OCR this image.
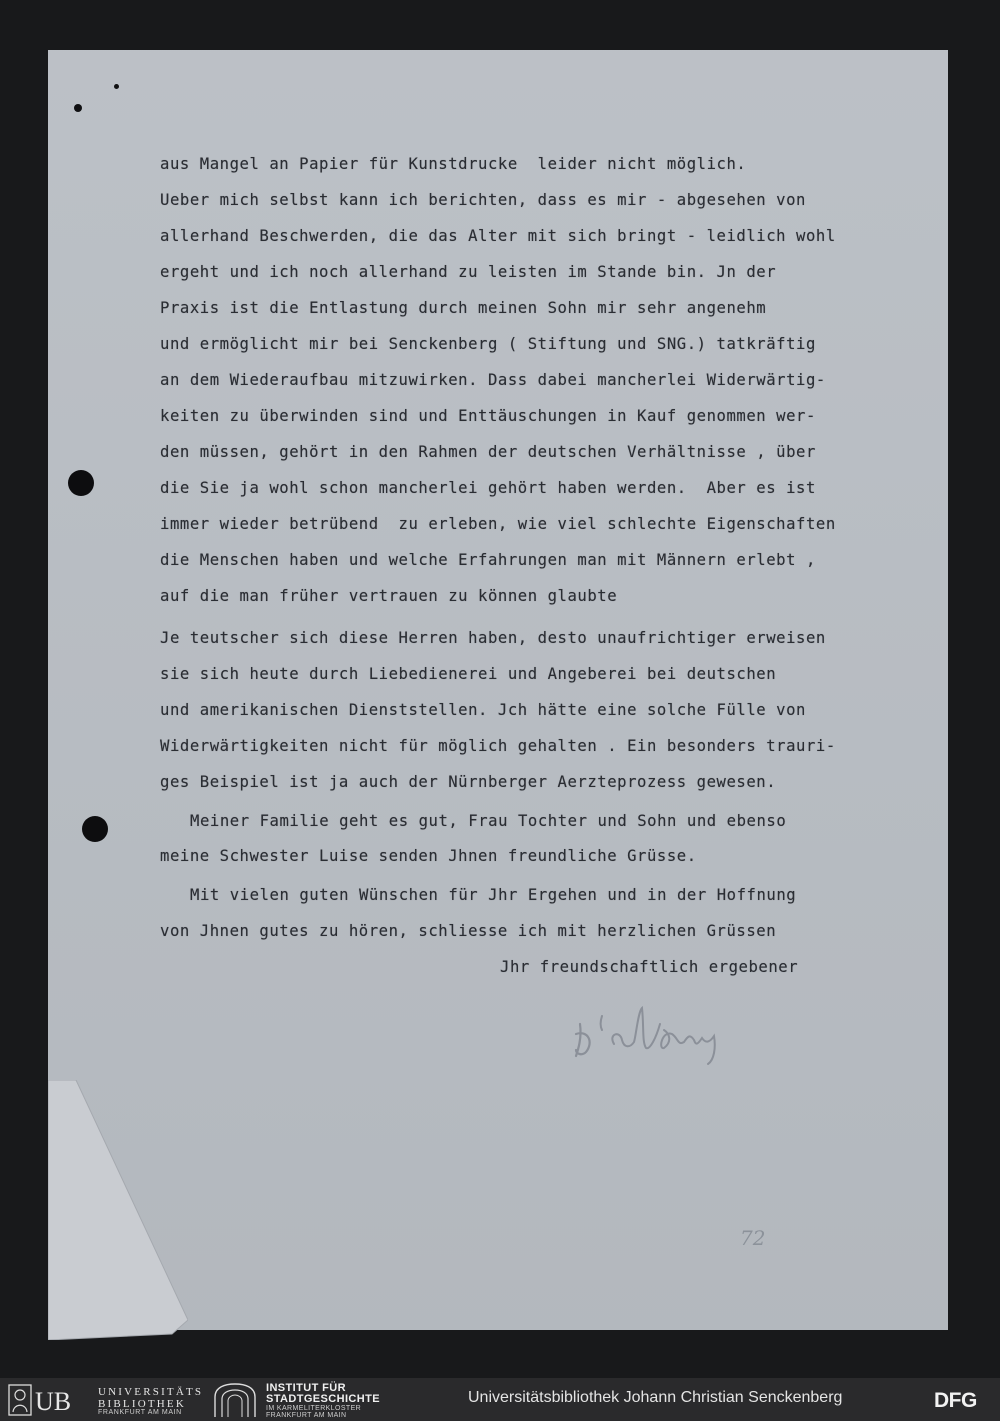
aus Mangel an Papier für Kunstdrucke  leider nicht möglich.

Ueber mich selbst kann ich berichten, dass es mir - abgesehen von

allerhand Beschwerden, die das Alter mit sich bringt - leidlich wohl

ergeht und ich noch allerhand zu leisten im Stande bin. Jn der

Praxis ist die Entlastung durch meinen Sohn mir sehr angenehm

und ermöglicht mir bei Senckenberg ( Stiftung und SNG.) tatkräftig

an dem Wiederaufbau mitzuwirken. Dass dabei mancherlei Widerwärtig-

keiten zu überwinden sind und Enttäuschungen in Kauf genommen wer-

den müssen, gehört in den Rahmen der deutschen Verhältnisse , über

die Sie ja wohl schon mancherlei gehört haben werden.  Aber es ist

immer wieder betrübend  zu erleben, wie viel schlechte Eigenschaften

die Menschen haben und welche Erfahrungen man mit Männern erlebt ,

auf die man früher vertrauen zu können glaubte

Je teutscher sich diese Herren haben, desto unaufrichtiger erweisen

sie sich heute durch Liebedienerei und Angeberei bei deutschen

und amerikanischen Dienststellen. Jch hätte eine solche Fülle von

Widerwärtigkeiten nicht für möglich gehalten . Ein besonders trauri-

ges Beispiel ist ja auch der Nürnberger Aerzteprozess gewesen.

Meiner Familie geht es gut, Frau Tochter und Sohn und ebenso

meine Schwester Luise senden Jhnen freundliche Grüsse.

Mit vielen guten Wünschen für Jhr Ergehen und in der Hoffnung

von Jhnen gutes zu hören, schliesse ich mit herzlichen Grüssen

Jhr freundschaftlich ergebener

72
UB UNIVERSITÄTS
BIBLIOTHEK
FRANKFURT AM MAIN
INSTITUT FÜR
STADTGESCHICHTE
IM KARMELITERKLOSTER
FRANKFURT AM MAIN
Universitätsbibliothek Johann Christian Senckenberg	DFG
